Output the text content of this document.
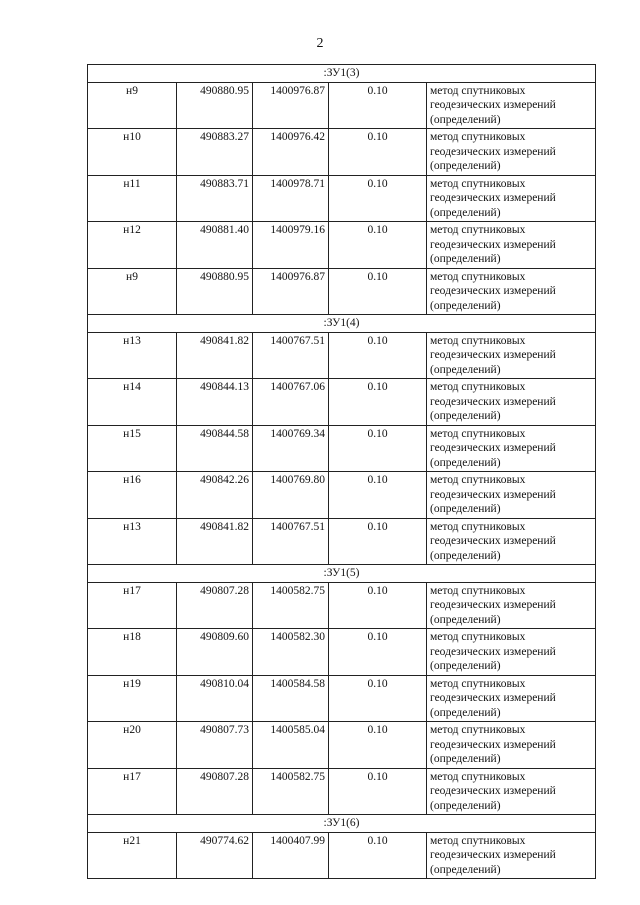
2
:ЗУ1(3)				
н9	490880.95	1400976.87	0.10	метод спутниковых геодезических измерений (определений)
н10	490883.27	1400976.42	0.10	метод спутниковых геодезических измерений (определений)
н11	490883.71	1400978.71	0.10	метод спутниковых геодезических измерений (определений)
н12	490881.40	1400979.16	0.10	метод спутниковых геодезических измерений (определений)
н9	490880.95	1400976.87	0.10	метод спутниковых геодезических измерений (определений)
:ЗУ1(4)				
н13	490841.82	1400767.51	0.10	метод спутниковых геодезических измерений (определений)
н14	490844.13	1400767.06	0.10	метод спутниковых геодезических измерений (определений)
н15	490844.58	1400769.34	0.10	метод спутниковых геодезических измерений (определений)
н16	490842.26	1400769.80	0.10	метод спутниковых геодезических измерений (определений)
н13	490841.82	1400767.51	0.10	метод спутниковых геодезических измерений (определений)
:ЗУ1(5)				
н17	490807.28	1400582.75	0.10	метод спутниковых геодезических измерений (определений)
н18	490809.60	1400582.30	0.10	метод спутниковых геодезических измерений (определений)
н19	490810.04	1400584.58	0.10	метод спутниковых геодезических измерений (определений)
н20	490807.73	1400585.04	0.10	метод спутниковых геодезических измерений (определений)
н17	490807.28	1400582.75	0.10	метод спутниковых геодезических измерений (определений)
:ЗУ1(6)				
н21	490774.62	1400407.99	0.10	метод спутниковых геодезических измерений (определений)
